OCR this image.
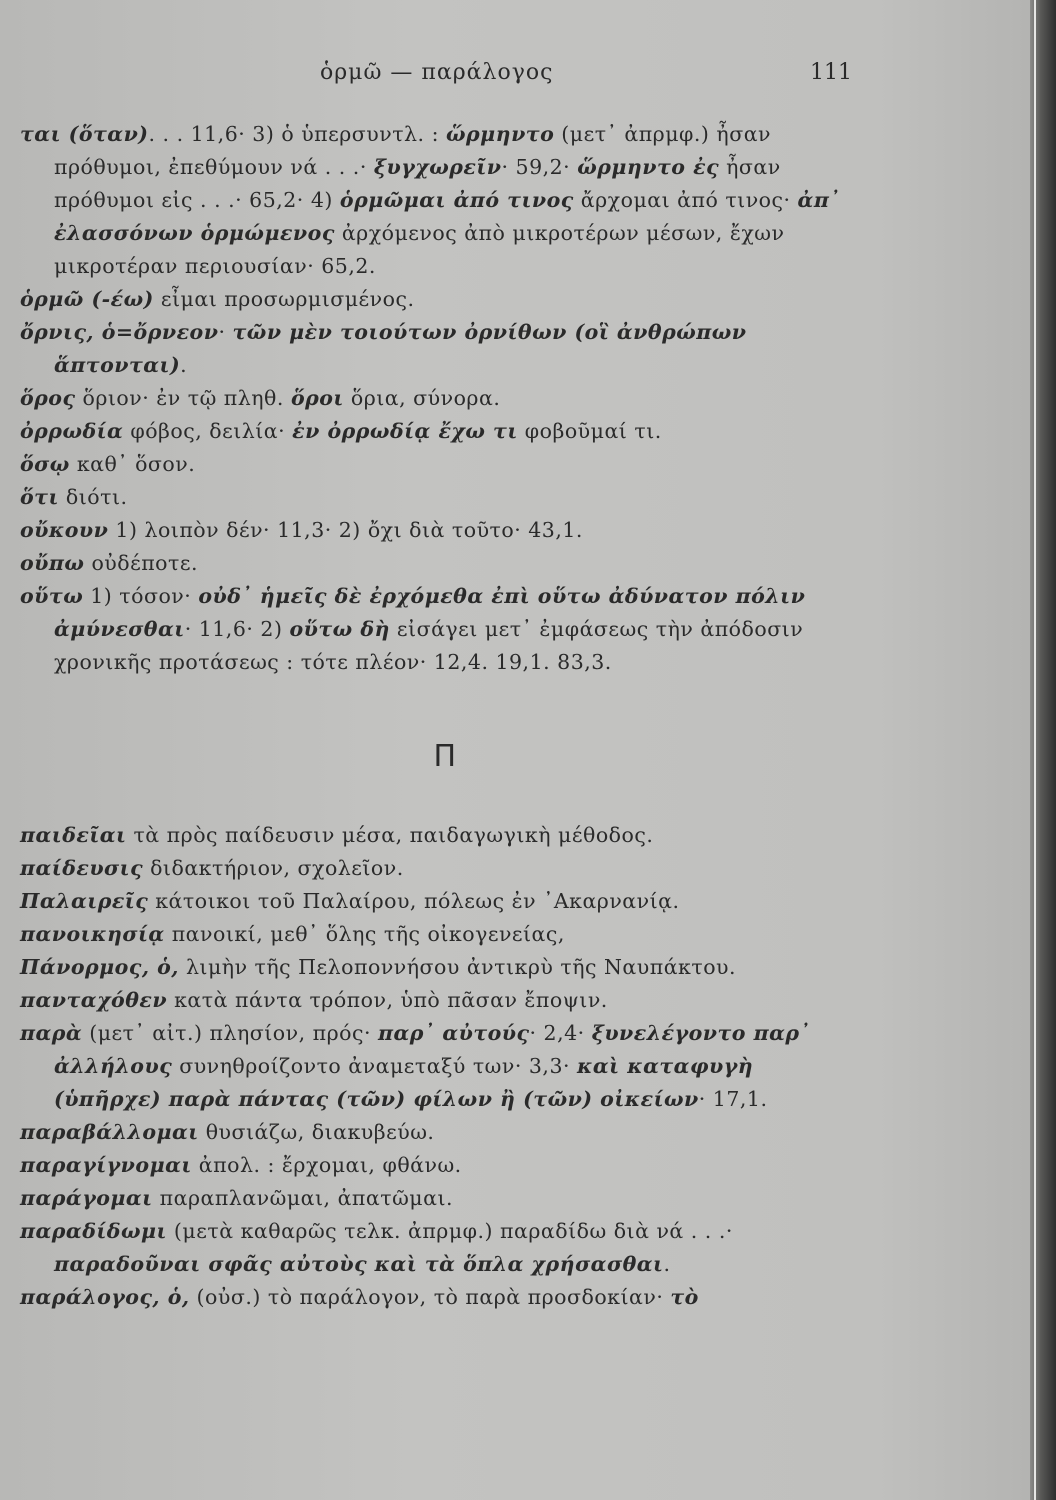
ὁρμῶ — παράλογος	111

ται (ὅταν). . . 11,6· 3) ὁ ὑπερσυντλ. : ὥρμηντο (μετ᾽ ἀπρμφ.) ἦσαν πρόθυμοι, ἐπεθύμουν νά . . .· ξυγχωρεῖν· 59,2· ὥρμηντο ἐς ἦσαν πρόθυμοι εἰς . . .· 65,2· 4) ὁρμῶμαι ἀπό τινος ἄρχομαι ἀπό τινος· ἀπ᾽ ἐλασσόνων ὁρμώμενος ἀρχόμενος ἀπὸ μικροτέρων μέσων, ἔχων μικροτέραν περιουσίαν· 65,2.

ὁρμῶ (-έω) εἶμαι προσωρμισμένος.

ὄρνις, ὁ=ὄρνεον· τῶν μὲν τοιούτων ὀρνίθων (οἳ ἀνθρώπων ἅπτονται).

ὅρος ὅριον· ἐν τῷ πληθ. ὅροι ὅρια, σύνορα.

ὀρρωδία φόβος, δειλία· ἐν ὀρρωδίᾳ ἔχω τι φοβοῦμαί τι.

ὅσῳ καθ᾽ ὅσον.

ὅτι διότι.

οὔκουν 1) λοιπὸν δέν· 11,3· 2) ὄχι διὰ τοῦτο· 43,1.

οὔπω οὐδέποτε.

οὕτω 1) τόσον· οὐδ᾽ ἡμεῖς δὲ ἐρχόμεθα ἐπὶ οὕτω ἀδύνατον πόλιν ἀμύνεσθαι· 11,6· 2) οὕτω δὴ εἰσάγει μετ᾽ ἐμφάσεως τὴν ἀπόδοσιν χρονικῆς προτάσεως : τότε πλέον· 12,4. 19,1. 83,3.

Π

παιδεῖαι τὰ πρὸς παίδευσιν μέσα, παιδαγωγικὴ μέθοδος.

παίδευσις διδακτήριον, σχολεῖον.

Παλαιρεῖς κάτοικοι τοῦ Παλαίρου, πόλεως ἐν ᾽Ακαρνανίᾳ.

πανοικησίᾳ πανοικί, μεθ᾽ ὅλης τῆς οἰκογενείας,

Πάνορμος, ὁ, λιμὴν τῆς Πελοποννήσου ἀντικρὺ τῆς Ναυπάκτου.

πανταχόθεν κατὰ πάντα τρόπον, ὑπὸ πᾶσαν ἔποψιν.

παρὰ (μετ᾽ αἰτ.) πλησίον, πρός· παρ᾽ αὐτούς· 2,4· ξυνελέγοντο παρ᾽ ἀλλήλους συνηθροίζοντο ἀναμεταξύ των· 3,3· καὶ καταφυγὴ (ὑπῆρχε) παρὰ πάντας (τῶν) φίλων ἢ (τῶν) οἰκείων· 17,1.

παραβάλλομαι θυσιάζω, διακυβεύω.

παραγίγνομαι ἀπολ. : ἔρχομαι, φθάνω.

παράγομαι παραπλανῶμαι, ἀπατῶμαι.

παραδίδωμι (μετὰ καθαρῶς τελκ. ἀπρμφ.) παραδίδω διὰ νά . . .· παραδοῦναι σφᾶς αὐτοὺς καὶ τὰ ὅπλα χρήσασθαι.

παράλογος, ὁ, (οὐσ.) τὸ παράλογον, τὸ παρὰ προσδοκίαν· τὸ
